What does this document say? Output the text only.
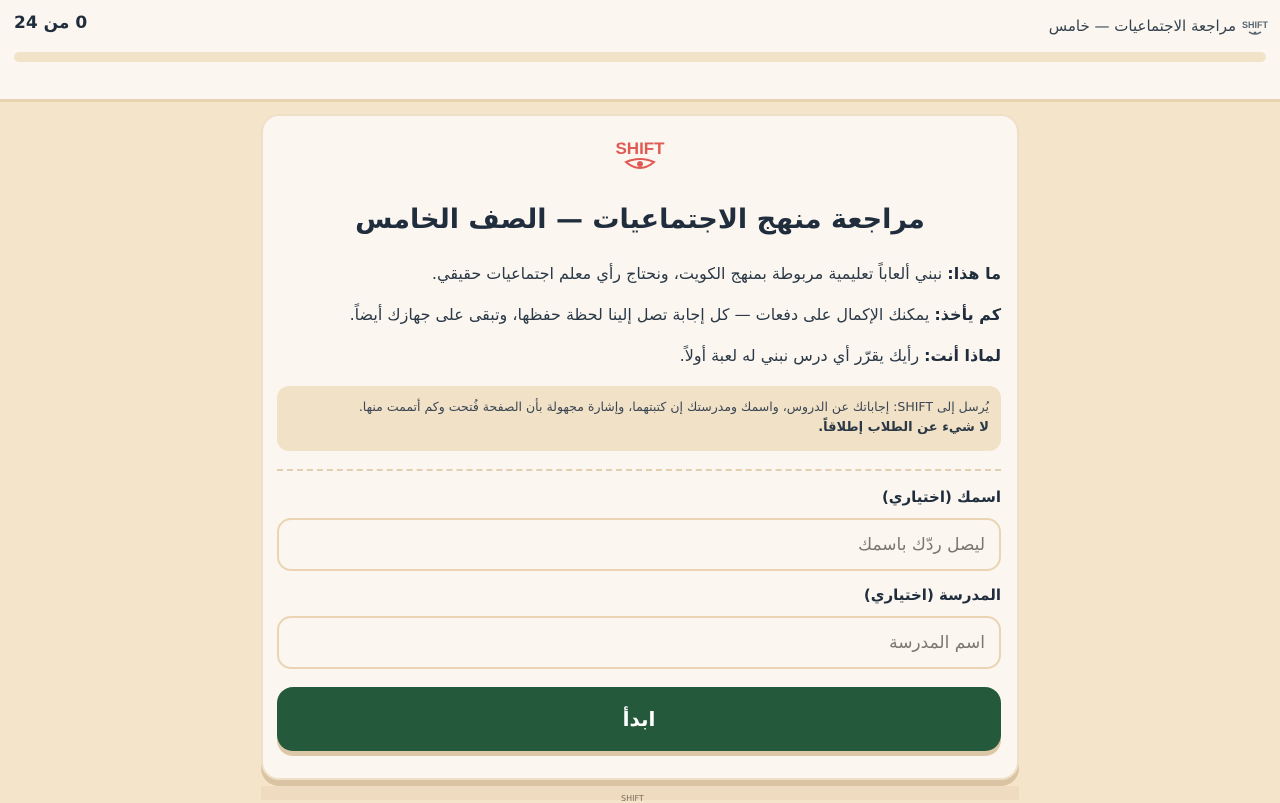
SHIFT
مراجعة الاجتماعيات — خامس
0 من 24
SHIFT
مراجعة منهج الاجتماعيات — الصف الخامس

ما هذا: نبني ألعاباً تعليمية مربوطة بمنهج الكويت، ونحتاج رأي معلم اجتماعيات حقيقي.

كم يأخذ: يمكنك الإكمال على دفعات — كل إجابة تصل إلينا لحظة حفظها، وتبقى على جهازك أيضاً.

لماذا أنت: رأيك يقرّر أي درس نبني له لعبة أولاً.

يُرسل إلى SHIFT: إجاباتك عن الدروس، واسمك ومدرستك إن كتبتهما، وإشارة مجهولة بأن الصفحة فُتحت وكم أتممت منها.
لا شيء عن الطلاب إطلاقاً.
اسمك (اختياري)
ليصل ردّك باسمك
المدرسة (اختياري)
اسم المدرسة
ابدأ
SHIFT
